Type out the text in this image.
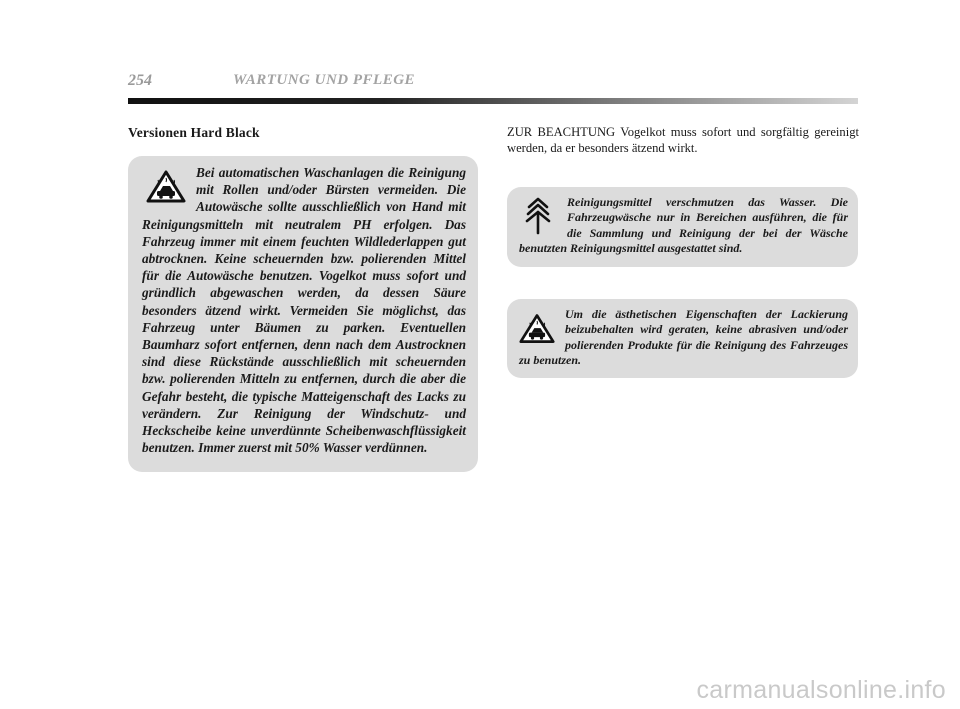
254	WARTUNG UND PFLEGE
Versionen Hard Black

Bei automatischen Waschanlagen die Reinigung mit Rollen und/oder Bürsten vermeiden. Die Autowäsche sollte ausschließlich von Hand mit Reinigungsmitteln mit neutralem PH erfolgen. Das Fahrzeug immer mit einem feuchten Wildlederlappen gut abtrocknen. Keine scheuernden bzw. polierenden Mittel für die Autowäsche benutzen. Vogelkot muss sofort und gründlich abgewaschen werden, da dessen Säure besonders ätzend wirkt. Vermeiden Sie möglichst, das Fahrzeug unter Bäumen zu parken. Eventuellen Baumharz sofort entfernen, denn nach dem Austrocknen sind diese Rückstände ausschließlich mit scheuernden bzw. polierenden Mitteln zu entfernen, durch die aber die Gefahr besteht, die typische Matteigenschaft des Lacks zu verändern. Zur Reinigung der Windschutz- und Heckscheibe keine unverdünnte Scheibenwaschflüssigkeit benutzen. Immer zuerst mit 50% Wasser verdünnen.

ZUR BEACHTUNG Vogelkot muss sofort und sorgfältig gereinigt werden, da er besonders ätzend wirkt.

Reinigungsmittel verschmutzen das Wasser. Die Fahrzeugwäsche nur in Bereichen ausführen, die für die Sammlung und Reinigung der bei der Wäsche benutzten Reinigungsmittel ausgestattet sind.

Um die ästhetischen Eigenschaften der Lackierung beizubehalten wird geraten, keine abrasiven und/oder polierenden Produkte für die Reinigung des Fahrzeuges zu benutzen.

carmanualsonline.info
